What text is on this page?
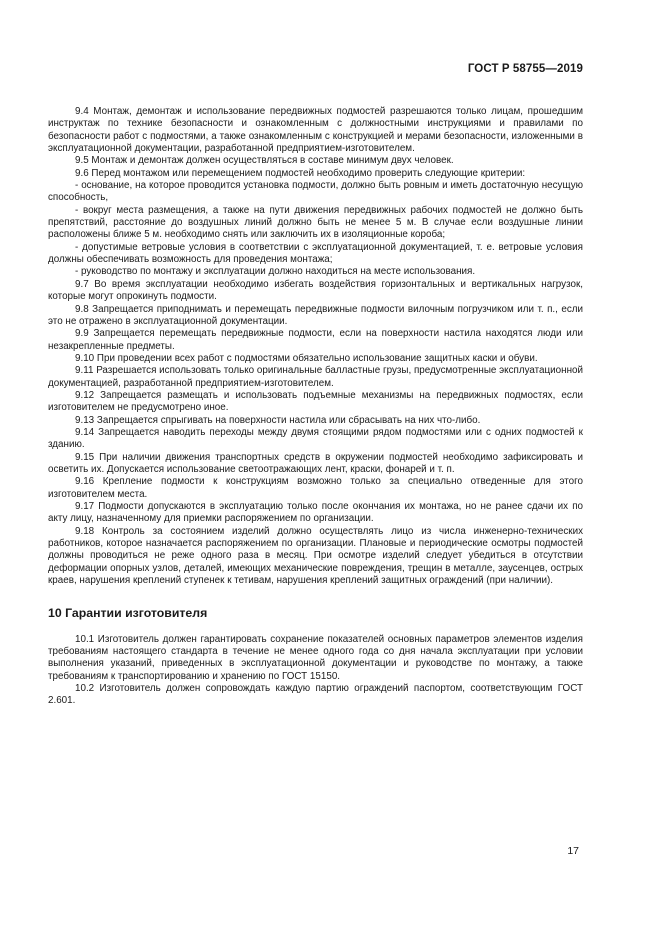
ГОСТ Р 58755—2019

9.4 Монтаж, демонтаж и использование передвижных подмостей разрешаются только лицам, прошедшим инструктаж по технике безопасности и ознакомленным с должностными инструкциями и правилами по безопасности работ с подмостями, а также ознакомленным с конструкцией и мерами безопасности, изложенными в эксплуатационной документации, разработанной предприятием-изготовителем.

9.5 Монтаж и демонтаж должен осуществляться в составе минимум двух человек.

9.6 Перед монтажом или перемещением подмостей необходимо проверить следующие критерии:

- основание, на которое проводится установка подмости, должно быть ровным и иметь достаточную несущую способность,

- вокруг места размещения, а также на пути движения передвижных рабочих подмостей не должно быть препятствий, расстояние до воздушных линий должно быть не менее 5 м. В случае если воздушные линии расположены ближе 5 м. необходимо снять или заключить их в изоляционные короба;

- допустимые ветровые условия в соответствии с эксплуатационной документацией, т. е. ветровые условия должны обеспечивать возможность для проведения монтажа;

- руководство по монтажу и эксплуатации должно находиться на месте использования.

9.7 Во время эксплуатации необходимо избегать воздействия горизонтальных и вертикальных нагрузок, которые могут опрокинуть подмости.

9.8 Запрещается приподнимать и перемещать передвижные подмости вилочным погрузчиком или т. п., если это не отражено в эксплуатационной документации.

9.9 Запрещается перемещать передвижные подмости, если на поверхности настила находятся люди или незакрепленные предметы.

9.10 При проведении всех работ с подмостями обязательно использование защитных каски и обуви.

9.11 Разрешается использовать только оригинальные балластные грузы, предусмотренные эксплуатационной документацией, разработанной предприятием-изготовителем.

9.12 Запрещается размещать и использовать подъемные механизмы на передвижных подмостях, если изготовителем не предусмотрено иное.

9.13 Запрещается спрыгивать на поверхности настила или сбрасывать на них что-либо.

9.14 Запрещается наводить переходы между двумя стоящими рядом подмостями или с одних подмостей к зданию.

9.15 При наличии движения транспортных средств в окружении подмостей необходимо зафиксировать и осветить их. Допускается использование светоотражающих лент, краски, фонарей и т. п.

9.16 Крепление подмости к конструкциям возможно только за специально отведенные для этого изготовителем места.

9.17 Подмости допускаются в эксплуатацию только после окончания их монтажа, но не ранее сдачи их по акту лицу, назначенному для приемки распоряжением по организации.

9.18 Контроль за состоянием изделий должно осуществлять лицо из числа инженерно-технических работников, которое назначается распоряжением по организации. Плановые и периодические осмотры подмостей должны проводиться не реже одного раза в месяц. При осмотре изделий следует убедиться в отсутствии деформации опорных узлов, деталей, имеющих механические повреждения, трещин в металле, заусенцев, острых краев, нарушения креплений ступенек к тетивам, нарушения креплений защитных ограждений (при наличии).

10 Гарантии изготовителя

10.1 Изготовитель должен гарантировать сохранение показателей основных параметров элементов изделия требованиям настоящего стандарта в течение не менее одного года со дня начала эксплуатации при условии выполнения указаний, приведенных в эксплуатационной документации и руководстве по монтажу, а также требованиям к транспортированию и хранению по ГОСТ 15150.

10.2 Изготовитель должен сопровождать каждую партию ограждений паспортом, соответствующим ГОСТ 2.601.

17
